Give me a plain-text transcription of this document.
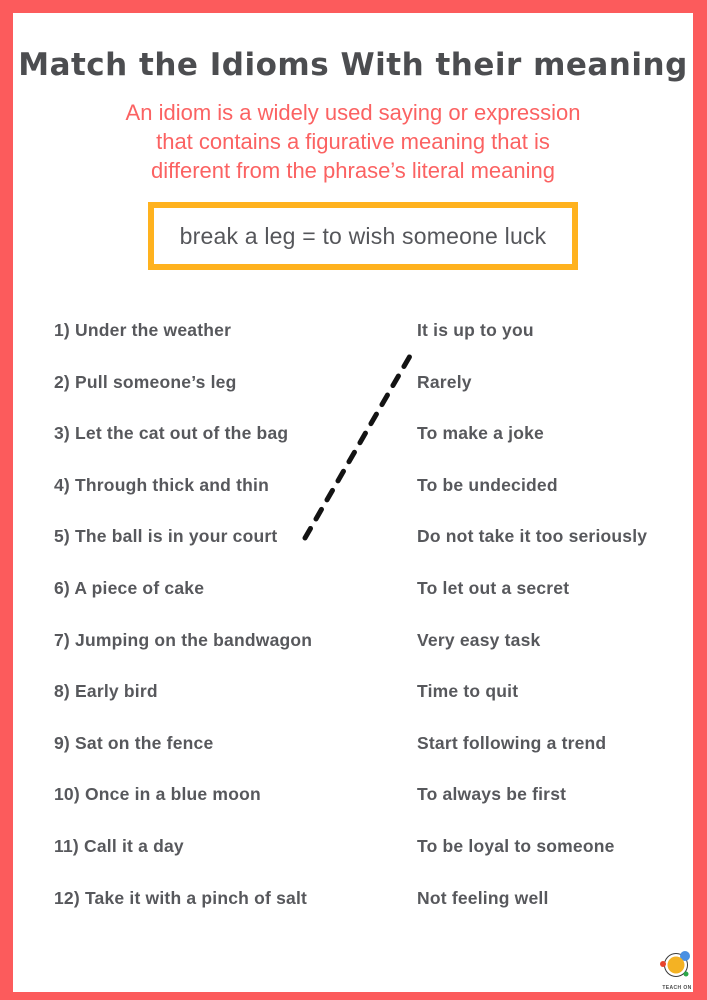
Match the Idioms With their meaning
An idiom is a widely used saying or expression
that contains a figurative meaning that is
different from the phrase’s literal meaning
break a leg = to wish someone luck
1) Under the weather	It is up to you
2) Pull someone’s leg	Rarely
3) Let the cat out of the bag	To make a joke
4) Through thick and thin	To be undecided
5) The ball is in your court	Do not take it too seriously
6) A piece of cake	To let out a secret
7) Jumping on the bandwagon	Very easy task
8) Early bird	Time to quit
9) Sat on the fence	Start following a trend
10) Once in a blue moon	To always be first
11) Call it a day	To be loyal to someone
12) Take it with a pinch of salt	Not feeling well
TEACH ON
